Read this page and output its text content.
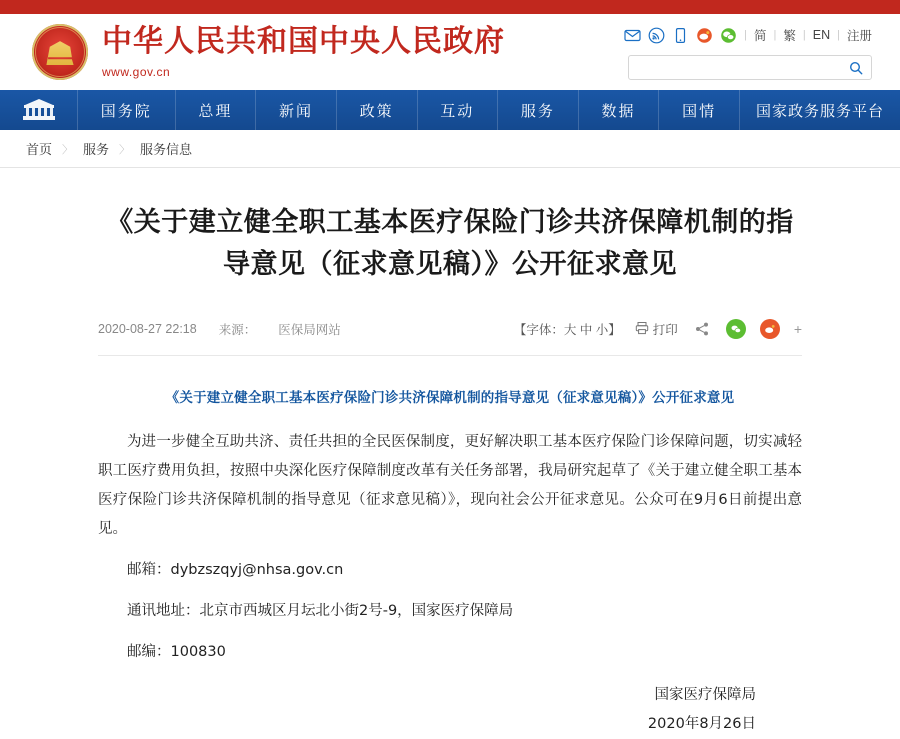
中华人民共和国中央人民政府
www.gov.cn
| 简 | 繁 | EN | 注册
国务院	总理	新闻	政策	互动	服务	数据	国情	国家政务服务平台
首页 〉 服务 〉 服务信息
《关于建立健全职工基本医疗保险门诊共济保障机制的指导意见（征求意见稿）》公开征求意见
2020-08-27 22:18 来源： 医保局网站	【字体：大 中 小】	打印	+
《关于建立健全职工基本医疗保险门诊共济保障机制的指导意见（征求意见稿）》公开征求意见

为进一步健全互助共济、责任共担的全民医保制度，更好解决职工基本医疗保险门诊保障问题，切实减轻职工医疗费用负担，按照中央深化医疗保障制度改革有关任务部署，我局研究起草了《关于建立健全职工基本医疗保险门诊共济保障机制的指导意见（征求意见稿）》，现向社会公开征求意见。公众可在9月6日前提出意见。

邮箱：dybzszqyj@nhsa.gov.cn

通讯地址：北京市西城区月坛北小街2号-9，国家医疗保障局

邮编：100830

国家医疗保障局
2020年8月26日
